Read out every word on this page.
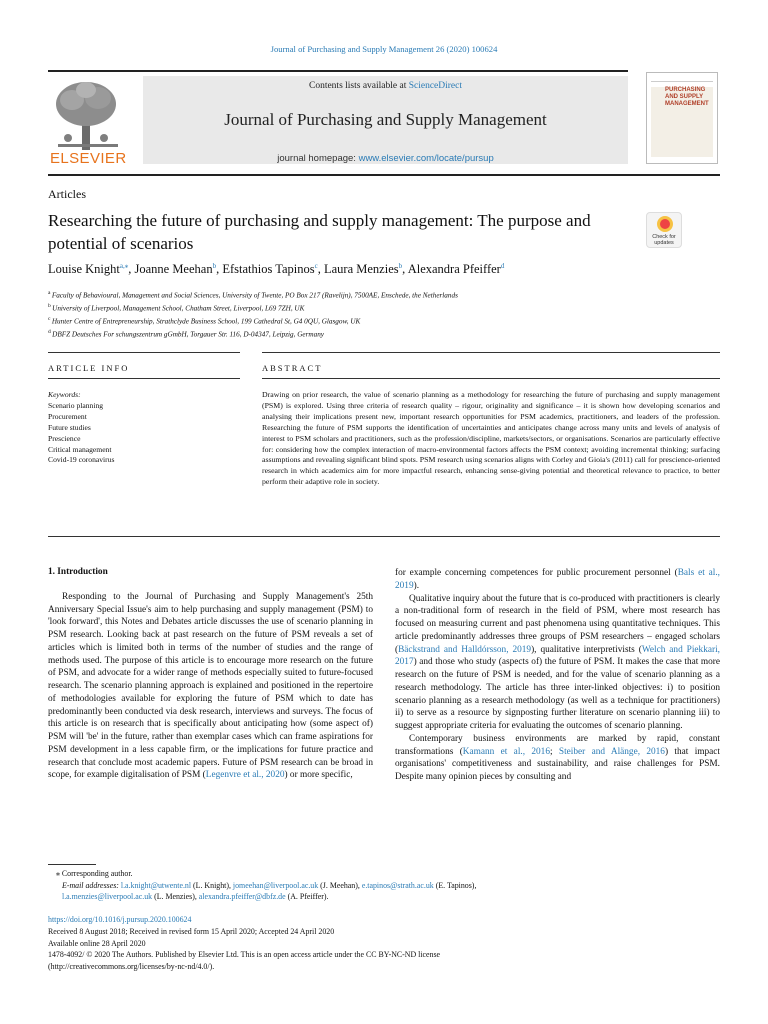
Journal of Purchasing and Supply Management 26 (2020) 100624
ELSEVIER
Contents lists available at ScienceDirect
Journal of Purchasing and Supply Management
journal homepage: www.elsevier.com/locate/pursup
PURCHASING AND SUPPLY MANAGEMENT
Articles
Researching the future of purchasing and supply management: The purpose and potential of scenarios	Check for updates
Louise Knight$^{a,⁎}$, Joanne Meehan$^b$, Efstathios Tapinos$^c$, Laura Menzies$^b$, Alexandra Pfeiffer$^d$
$^a$ Faculty of Behavioural, Management and Social Sciences, University of Twente, PO Box 217 (Ravelijn), 7500AE, Enschede, the Netherlands
$^b$ University of Liverpool, Management School, Chatham Street, Liverpool, L69 7ZH, UK
$^c$ Hunter Centre of Entrepreneurship, Strathclyde Business School, 199 Cathedral St, G4 0QU, Glasgow, UK
$^d$ DBFZ Deutsches For schungszentrum gGmbH, Torgauer Str. 116, D-04347, Leipzig, Germany
ARTICLE INFO	ABSTRACT
Keywords:
Scenario planning
Procurement
Future studies
Prescience
Critical management
Covid-19 coronavirus
Drawing on prior research, the value of scenario planning as a methodology for researching the future of purchasing and supply management (PSM) is explored. Using three criteria of research quality – rigour, originality and significance – it is shown how developing scenarios and analysing their implications present new, important research opportunities for PSM academics, practitioners, and leaders of the profession. Researching the future of PSM supports the identification of uncertainties and anticipates change across many units and levels of analysis of interest to PSM scholars and practitioners, such as the profession/discipline, markets/sectors, or organisations. Scenarios are particularly effective for: considering how the complex interaction of macro-environmental factors affects the PSM context; avoiding incremental thinking; surfacing assumptions and revealing significant blind spots. PSM research using scenarios aligns with Corley and Gioia's (2011) call for prescience-oriented research in which academics aim for more impactful research, enhancing sense-giving potential and theoretical relevance to practice, to better perform their adaptive role in society.

1. Introduction

Responding to the Journal of Purchasing and Supply Management's 25th Anniversary Special Issue's aim to help purchasing and supply management (PSM) to 'look forward', this Notes and Debates article discusses the use of scenario planning in PSM research. Looking back at past research on the future of PSM reveals a set of articles which is limited both in terms of the number of studies and the range of methods used. The purpose of this article is to encourage more research on the future of PSM, and advocate for a wider range of methods especially suited to future-focused research. The scenario planning approach is explained and positioned in the repertoire of methodologies available for exploring the future of PSM which to date has predominantly been conducted via desk research, interviews and surveys. The focus of this article is on research that is specifically about anticipating how (some aspect of) PSM will 'be' in the future, rather than exemplar cases which can frame aspirations for PSM development in a less capable firm, or the implications for future practice and research that conclude most academic papers. Future of PSM research can be broad in scope, for example digitalisation of PSM (Legenvre et al., 2020) or more specific,

for example concerning competences for public procurement personnel (Bals et al., 2019).

Qualitative inquiry about the future that is co-produced with practitioners is clearly a non-traditional form of research in the field of PSM, where most research has focused on measuring current and past phenomena using quantitative techniques. This article predominantly addresses three groups of PSM researchers – engaged scholars (Bäckstrand and Halldórsson, 2019), qualitative interpretivists (Welch and Piekkari, 2017) and those who study (aspects of) the future of PSM. It makes the case that more research on the future of PSM is needed, and for the value of scenario planning as a research methodology. The article has three inter-linked objectives: i) to position scenario planning as a research methodology (as well as a technique for practitioners) ii) to serve as a resource by signposting further literature on scenario planning iii) to suggest appropriate criteria for evaluating the outcomes of scenario planning.

Contemporary business environments are marked by rapid, constant transformations (Kamann et al., 2016; Steiber and Alänge, 2016) that impact organisations' competitiveness and sustainability, and raise challenges for PSM. Despite many opinion pieces by consulting and

⁎ Corresponding author.
E-mail addresses: l.a.knight@utwente.nl (L. Knight), jomeehan@liverpool.ac.uk (J. Meehan), e.tapinos@strath.ac.uk (E. Tapinos),
l.a.menzies@liverpool.ac.uk (L. Menzies), alexandra.pfeiffer@dbfz.de (A. Pfeiffer).
https://doi.org/10.1016/j.pursup.2020.100624
Received 8 August 2018; Received in revised form 15 April 2020; Accepted 24 April 2020
Available online 28 April 2020
1478-4092/ © 2020 The Authors. Published by Elsevier Ltd. This is an open access article under the CC BY-NC-ND license
(http://creativecommons.org/licenses/by-nc-nd/4.0/).
